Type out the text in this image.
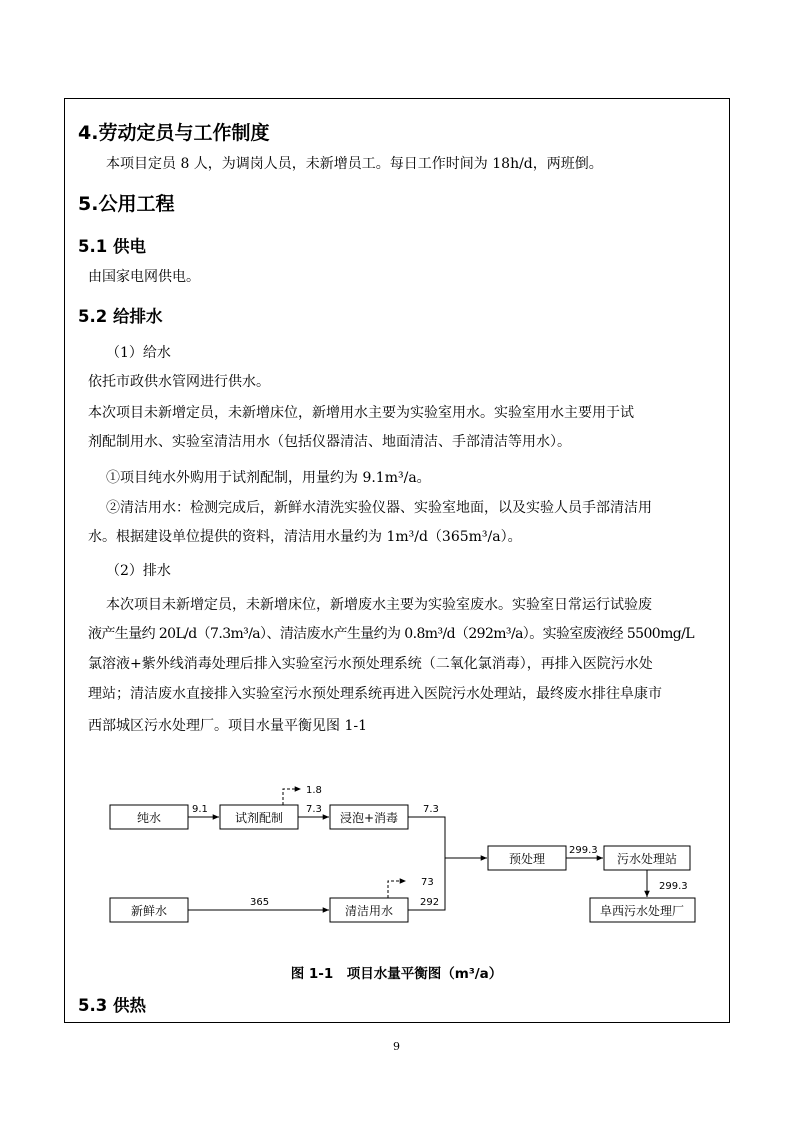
4.劳动定员与工作制度
本项目定员 8 人，为调岗人员，未新增员工。每日工作时间为 18h/d，两班倒。
5.公用工程
5.1 供电
由国家电网供电。
5.2 给排水
（1）给水
依托市政供水管网进行供水。
本次项目未新增定员，未新增床位，新增用水主要为实验室用水。实验室用水主要用于试
剂配制用水、实验室清洁用水（包括仪器清洁、地面清洁、手部清洁等用水）。
①项目纯水外购用于试剂配制，用量约为 9.1m³/a。
②清洁用水：检测完成后，新鲜水清洗实验仪器、实验室地面，以及实验人员手部清洁用
水。根据建设单位提供的资料，清洁用水量约为 1m³/d（365m³/a）。
（2）排水
本次项目未新增定员，未新增床位，新增废水主要为实验室废水。实验室日常运行试验废
液产生量约 20L/d（7.3m³/a）、清洁废水产生量约为 0.8m³/d（292m³/a）。实验室废液经 5500mg/L
氯溶液+紫外线消毒处理后排入实验室污水预处理系统（二氧化氯消毒），再排入医院污水处
理站；清洁废水直接排入实验室污水预处理系统再进入医院污水处理站，最终废水排往阜康市
西部城区污水处理厂。项目水量平衡见图 1-1
纯水	试剂配制	浸泡+消毒
新鲜水	清洁用水
预处理	污水处理站
阜西污水处理厂
9.1
1.8
7.3	7.3
365
73
292
299.3
299.3
图 1-1　项目水量平衡图（m³/a）
5.3 供热
9
